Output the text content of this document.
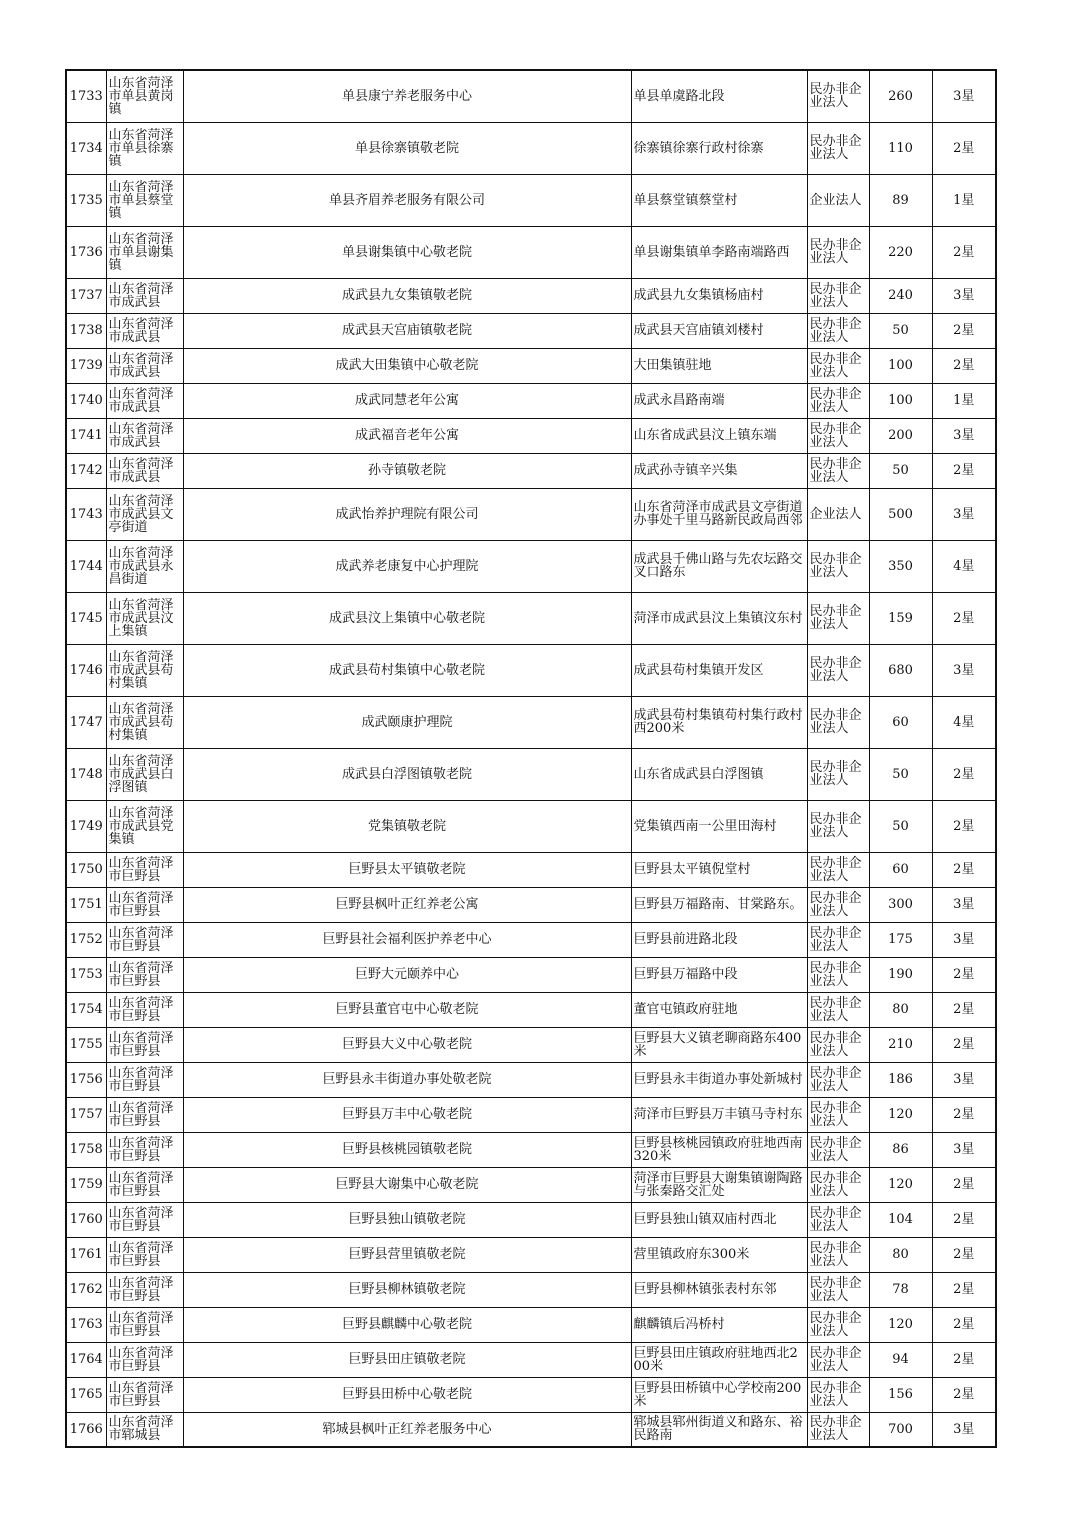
1733	山东省菏泽市单县黄岗镇	单县康宁养老服务中心	单县单虞路北段	民办非企业法人	260	3星
1734	山东省菏泽市单县徐寨镇	单县徐寨镇敬老院	徐寨镇徐寨行政村徐寨	民办非企业法人	110	2星
1735	山东省菏泽市单县蔡堂镇	单县齐眉养老服务有限公司	单县蔡堂镇蔡堂村	企业法人	89	1星
1736	山东省菏泽市单县谢集镇	单县谢集镇中心敬老院	单县谢集镇单李路南端路西	民办非企业法人	220	2星
1737	山东省菏泽市成武县	成武县九女集镇敬老院	成武县九女集镇杨庙村	民办非企业法人	240	3星
1738	山东省菏泽市成武县	成武县天宫庙镇敬老院	成武县天宫庙镇刘楼村	民办非企业法人	50	2星
1739	山东省菏泽市成武县	成武大田集镇中心敬老院	大田集镇驻地	民办非企业法人	100	2星
1740	山东省菏泽市成武县	成武同慧老年公寓	成武永昌路南端	民办非企业法人	100	1星
1741	山东省菏泽市成武县	成武福音老年公寓	山东省成武县汶上镇东端	民办非企业法人	200	3星
1742	山东省菏泽市成武县	孙寺镇敬老院	成武孙寺镇辛兴集	民办非企业法人	50	2星
1743	山东省菏泽市成武县文亭街道	成武怡养护理院有限公司	山东省菏泽市成武县文亭街道办事处千里马路新民政局西邻	企业法人	500	3星
1744	山东省菏泽市成武县永昌街道	成武养老康复中心护理院	成武县千佛山路与先农坛路交叉口路东	民办非企业法人	350	4星
1745	山东省菏泽市成武县汶上集镇	成武县汶上集镇中心敬老院	菏泽市成武县汶上集镇汶东村	民办非企业法人	159	2星
1746	山东省菏泽市成武县苟村集镇	成武县苟村集镇中心敬老院	成武县苟村集镇开发区	民办非企业法人	680	3星
1747	山东省菏泽市成武县苟村集镇	成武颐康护理院	成武县苟村集镇苟村集行政村西200米	民办非企业法人	60	4星
1748	山东省菏泽市成武县白浮图镇	成武县白浮图镇敬老院	山东省成武县白浮图镇	民办非企业法人	50	2星
1749	山东省菏泽市成武县党集镇	党集镇敬老院	党集镇西南一公里田海村	民办非企业法人	50	2星
1750	山东省菏泽市巨野县	巨野县太平镇敬老院	巨野县太平镇倪堂村	民办非企业法人	60	2星
1751	山东省菏泽市巨野县	巨野县枫叶正红养老公寓	巨野县万福路南、甘棠路东。	民办非企业法人	300	3星
1752	山东省菏泽市巨野县	巨野县社会福利医护养老中心	巨野县前进路北段	民办非企业法人	175	3星
1753	山东省菏泽市巨野县	巨野大元颐养中心	巨野县万福路中段	民办非企业法人	190	2星
1754	山东省菏泽市巨野县	巨野县董官屯中心敬老院	董官屯镇政府驻地	民办非企业法人	80	2星
1755	山东省菏泽市巨野县	巨野县大义中心敬老院	巨野县大义镇老聊商路东400米	民办非企业法人	210	2星
1756	山东省菏泽市巨野县	巨野县永丰街道办事处敬老院	巨野县永丰街道办事处新城村	民办非企业法人	186	3星
1757	山东省菏泽市巨野县	巨野县万丰中心敬老院	菏泽市巨野县万丰镇马寺村东	民办非企业法人	120	2星
1758	山东省菏泽市巨野县	巨野县核桃园镇敬老院	巨野县核桃园镇政府驻地西南320米	民办非企业法人	86	3星
1759	山东省菏泽市巨野县	巨野县大谢集中心敬老院	菏泽市巨野县大谢集镇谢陶路与张秦路交汇处	民办非企业法人	120	2星
1760	山东省菏泽市巨野县	巨野县独山镇敬老院	巨野县独山镇双庙村西北	民办非企业法人	104	2星
1761	山东省菏泽市巨野县	巨野县营里镇敬老院	营里镇政府东300米	民办非企业法人	80	2星
1762	山东省菏泽市巨野县	巨野县柳林镇敬老院	巨野县柳林镇张表村东邻	民办非企业法人	78	2星
1763	山东省菏泽市巨野县	巨野县麒麟中心敬老院	麒麟镇后冯桥村	民办非企业法人	120	2星
1764	山东省菏泽市巨野县	巨野县田庄镇敬老院	巨野县田庄镇政府驻地西北200米	民办非企业法人	94	2星
1765	山东省菏泽市巨野县	巨野县田桥中心敬老院	巨野县田桥镇中心学校南200米	民办非企业法人	156	2星
1766	山东省菏泽市郓城县	郓城县枫叶正红养老服务中心	郓城县郓州街道义和路东、裕民路南	民办非企业法人	700	3星
